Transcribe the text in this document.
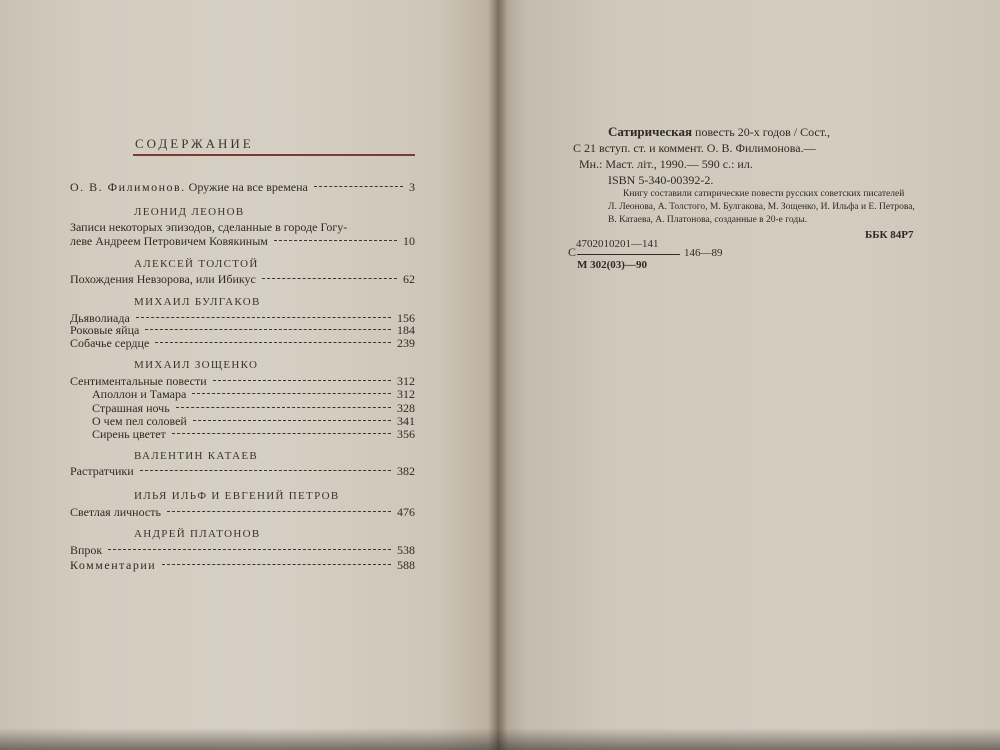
СОДЕРЖАНИЕ
О. В. Филимонов. Оружие на все времена	3
ЛЕОНИД ЛЕОНОВ
Записи некоторых эпизодов, сделанные в городе Гогу-
леве Андреем Петровичем Ковякиным	10
АЛЕКСЕЙ ТОЛСТОЙ
Похождения Невзорова, или Ибикус	62
МИХАИЛ БУЛГАКОВ
Дьяволиада	156
Роковые яйца	184
Собачье сердце	239
МИХАИЛ ЗОЩЕНКО
Сентиментальные повести	312
Аполлон и Тамара	312
Страшная ночь	328
О чем пел соловей	341
Сирень цветет	356
ВАЛЕНТИН КАТАЕВ
Растратчики	382
ИЛЬЯ ИЛЬФ И ЕВГЕНИЙ ПЕТРОВ
Светлая личность	476
АНДРЕЙ ПЛАТОНОВ
Впрок	538
Комментарии	588
Сатирическая повесть 20-х годов / Сост.,
С 21 вступ. ст. и коммент. О. В. Филимонова.—
Мн.: Маст. літ., 1990.— 590 с.: ил.
ISBN 5-340-00392-2.
Книгу составили сатирические повести русских советских писателей
Л. Леонова, А. Толстого, М. Булгакова, М. Зощенко, И. Ильфа и Е. Петрова,
В. Катаева, А. Платонова, созданные в 20-е годы.
ББК 84Р7
4702010201—141
С	146—89
М 302(03)—90
